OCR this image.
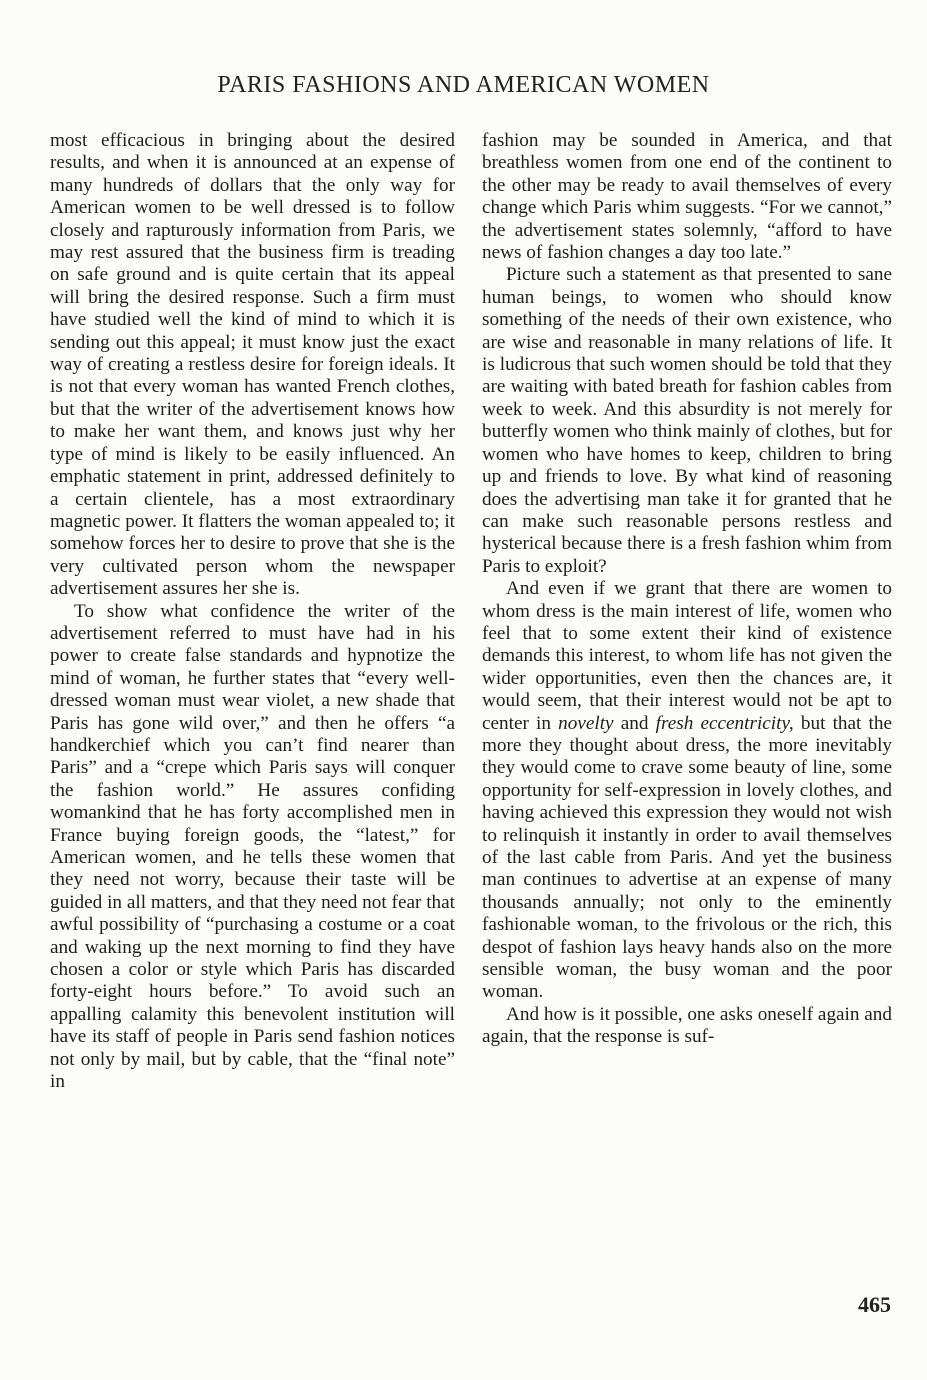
PARIS FASHIONS AND AMERICAN WOMEN

most efficacious in bringing about the desired results, and when it is announced at an expense of many hundreds of dollars that the only way for American women to be well dressed is to follow closely and rapturously information from Paris, we may rest assured that the business firm is treading on safe ground and is quite certain that its appeal will bring the desired response. Such a firm must have studied well the kind of mind to which it is sending out this appeal; it must know just the exact way of creating a restless desire for foreign ideals. It is not that every woman has wanted French clothes, but that the writer of the advertisement knows how to make her want them, and knows just why her type of mind is likely to be easily influenced. An emphatic statement in print, addressed definitely to a certain clientele, has a most extraordinary magnetic power. It flatters the woman appealed to; it somehow forces her to desire to prove that she is the very cultivated person whom the newspaper advertisement assures her she is.

To show what confidence the writer of the advertisement referred to must have had in his power to create false standards and hypnotize the mind of woman, he further states that “every well-dressed woman must wear violet, a new shade that Paris has gone wild over,” and then he offers “a handkerchief which you can’t find nearer than Paris” and a “crepe which Paris says will conquer the fashion world.” He assures confiding womankind that he has forty accomplished men in France buying foreign goods, the “latest,” for American women, and he tells these women that they need not worry, because their taste will be guided in all matters, and that they need not fear that awful possibility of “purchasing a costume or a coat and waking up the next morning to find they have chosen a color or style which Paris has discarded forty-eight hours before.” To avoid such an appalling calamity this benevolent institution will have its staff of people in Paris send fashion notices not only by mail, but by cable, that the “final note” in

fashion may be sounded in America, and that breathless women from one end of the continent to the other may be ready to avail themselves of every change which Paris whim suggests. “For we cannot,” the advertisement states solemnly, “afford to have news of fashion changes a day too late.”

Picture such a statement as that presented to sane human beings, to women who should know something of the needs of their own existence, who are wise and reasonable in many relations of life. It is ludicrous that such women should be told that they are waiting with bated breath for fashion cables from week to week. And this absurdity is not merely for butterfly women who think mainly of clothes, but for women who have homes to keep, children to bring up and friends to love. By what kind of reasoning does the advertising man take it for granted that he can make such reasonable persons restless and hysterical because there is a fresh fashion whim from Paris to exploit?

And even if we grant that there are women to whom dress is the main interest of life, women who feel that to some extent their kind of existence demands this interest, to whom life has not given the wider opportunities, even then the chances are, it would seem, that their interest would not be apt to center in novelty and fresh eccentricity, but that the more they thought about dress, the more inevitably they would come to crave some beauty of line, some opportunity for self-expression in lovely clothes, and having achieved this expression they would not wish to relinquish it instantly in order to avail themselves of the last cable from Paris. And yet the business man continues to advertise at an expense of many thousands annually; not only to the eminently fashionable woman, to the frivolous or the rich, this despot of fashion lays heavy hands also on the more sensible woman, the busy woman and the poor woman.

And how is it possible, one asks oneself again and again, that the response is suf-

465
